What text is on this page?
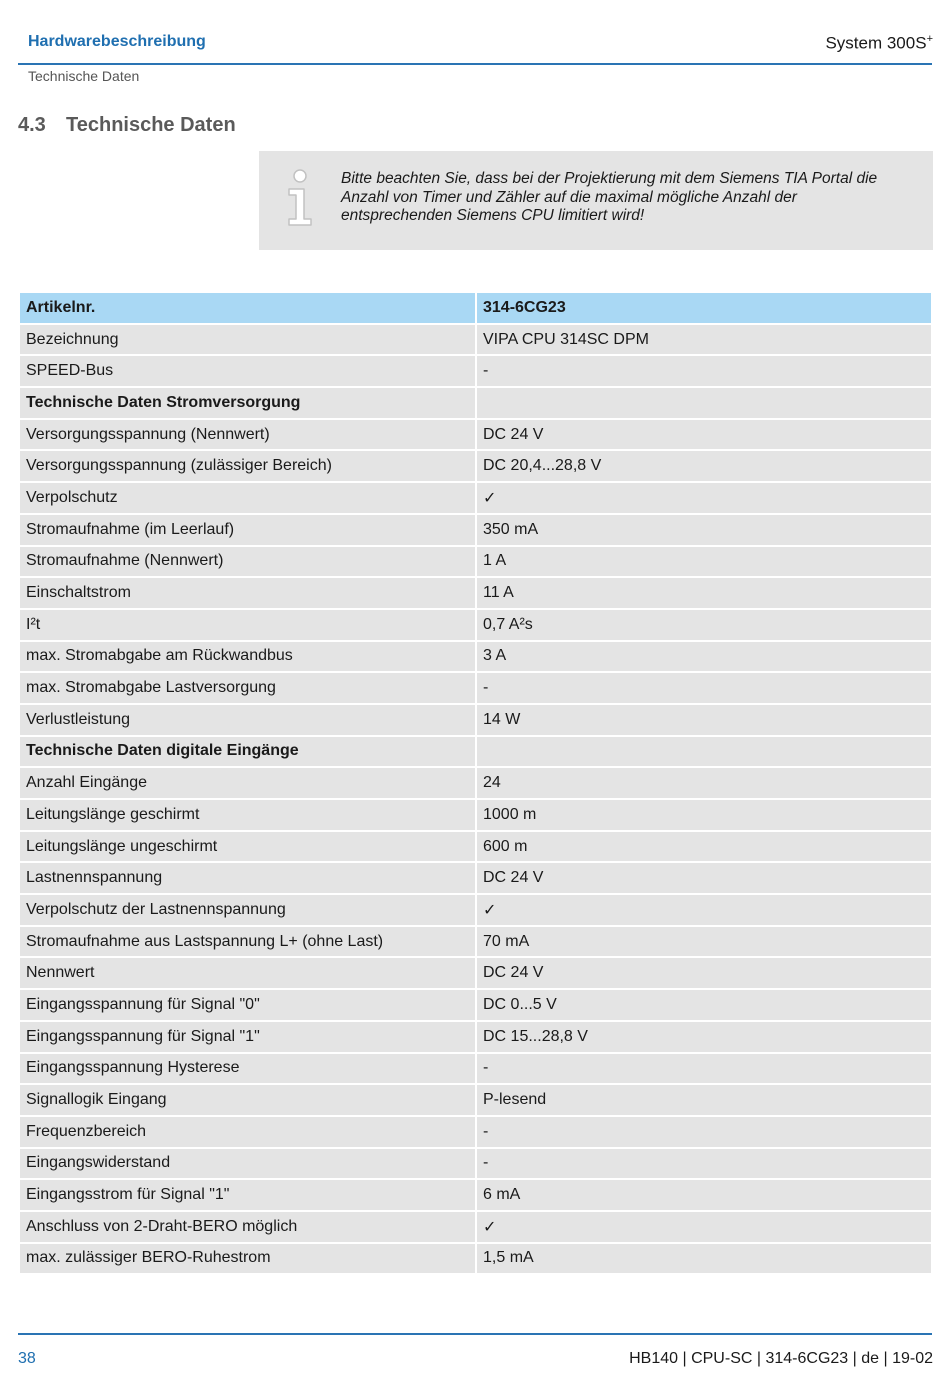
Hardwarebeschreibung	System 300S+
Technische Daten
4.3 Technische Daten
Bitte beachten Sie, dass bei der Projektierung mit dem Siemens TIA Portal die Anzahl von Timer und Zähler auf die maximal mögliche Anzahl der entsprechenden Siemens CPU limitiert wird!
Artikelnr.	314-6CG23
Bezeichnung	VIPA CPU 314SC DPM
SPEED-Bus	-
Technische Daten Stromversorgung	
Versorgungsspannung (Nennwert)	DC 24 V
Versorgungsspannung (zulässiger Bereich)	DC 20,4...28,8 V
Verpolschutz	✓
Stromaufnahme (im Leerlauf)	350 mA
Stromaufnahme (Nennwert)	1 A
Einschaltstrom	11 A
I²t	0,7 A²s
max. Stromabgabe am Rückwandbus	3 A
max. Stromabgabe Lastversorgung	-
Verlustleistung	14 W
Technische Daten digitale Eingänge	
Anzahl Eingänge	24
Leitungslänge geschirmt	1000 m
Leitungslänge ungeschirmt	600 m
Lastnennspannung	DC 24 V
Verpolschutz der Lastnennspannung	✓
Stromaufnahme aus Lastspannung L+ (ohne Last)	70 mA
Nennwert	DC 24 V
Eingangsspannung für Signal "0"	DC 0...5 V
Eingangsspannung für Signal "1"	DC 15...28,8 V
Eingangsspannung Hysterese	-
Signallogik Eingang	P-lesend
Frequenzbereich	-
Eingangswiderstand	-
Eingangsstrom für Signal "1"	6 mA
Anschluss von 2-Draht-BERO möglich	✓
max. zulässiger BERO-Ruhestrom	1,5 mA
38	HB140 | CPU-SC | 314-6CG23 | de | 19-02
